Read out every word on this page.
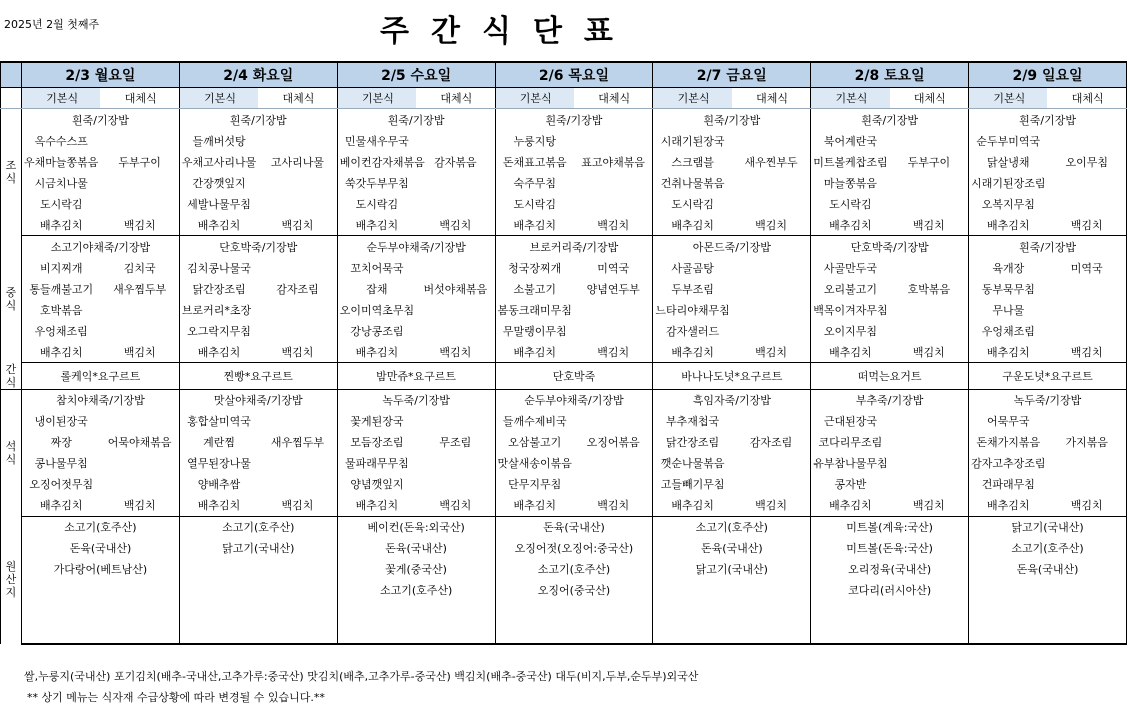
2025년 2월 첫째주	주간식단표
	2/3 월요일		2/4 화요일		2/5 수요일		2/6 목요일		2/7 금요일		2/8 토요일		2/9 일요일	
	기본식	대체식	기본식	대체식	기본식	대체식	기본식	대체식	기본식	대체식	기본식	대체식	기본식	대체식
조식	흰죽/기장밥		흰죽/기장밥		흰죽/기장밥		흰죽/기장밥		흰죽/기장밥		흰죽/기장밥		흰죽/기장밥	
	옥수수스프		들깨버섯탕		민물새우무국		누룽지탕		시래기된장국		북어계란국		순두부미역국	
	우채마늘쫑볶음	두부구이	우채고사리나물	고사리나물	베이컨감자채볶음	감자볶음	돈채표고볶음	표고야채볶음	스크램블	새우찐부두	미트볼케찹조림	두부구이	닭살냉채	오이무침
	시금치나물		간장깻잎지		쑥갓두부무침		숙주무침		건취나물볶음		마늘쫑볶음		시래기된장조림	
	도시락김		세발나물무침		도시락김		도시락김		도시락김		도시락김		오복지무침	
	배추김치	백김치	배추김치	백김치	배추김치	백김치	배추김치	백김치	배추김치	백김치	배추김치	백김치	배추김치	백김치
중식	소고기야채죽/기장밥		단호박죽/기장밥		순두부야채죽/기장밥		브로커리죽/기장밥		아몬드죽/기장밥		단호박죽/기장밥		흰죽/기장밥	
	비지찌개	김치국	김치콩나물국		꼬치어묵국		청국장찌개	미역국	사골곰탕		사골만두국		육개장	미역국
	통들깨불고기	새우찜두부	닭간장조림	감자조림	잡채	버섯야채볶음	소불고기	양념연두부	두부조림		오리불고기	호박볶음	동부묵무침	
	호박볶음		브로커리*초장		오이미역초무침		봄동크래미무침		느타리야채무침		백목이겨자무침		무나물	
	우엉채조림		오그락지무침		강낭콩조림		무말랭이무침		감자샐러드		오이지무침		우엉채조림	
	배추김치	백김치	배추김치	백김치	배추김치	백김치	배추김치	백김치	배추김치	백김치	배추김치	백김치	배추김치	백김치
간식	롤케익*요구르트		찐빵*요구르트		밤만쥬*요구르트		단호박죽		바나나도넛*요구르트		떠먹는요거트		구운도넛*요구르트	
석식	참치야채죽/기장밥		맛살야채죽/기장밥		녹두죽/기장밥		순두부야채죽/기장밥		흑임자죽/기장밥		부추죽/기장밥		녹두죽/기장밥	
	냉이된장국		홍합살미역국		꽃게된장국		들깨수제비국		부추재첩국		근대된장국		어묵무국	
	짜장	어묵야채볶음	계란찜	새우찜두부	모듬장조림	무조림	오삼불고기	오징어볶음	닭간장조림	감자조림	코다리무조림		돈채가지볶음	가지볶음
	콩나물무침		열무된장나물		물파래무무침		맛살새송이볶음		깻순나물볶음		유부참나물무침		감자고추장조림	
	오징어젓무침		양배추쌈		양념깻잎지		단무지무침		고들빼기무침		콩자반		건파래무침	
	배추김치	백김치	배추김치	백김치	배추김치	백김치	배추김치	백김치	배추김치	백김치	배추김치	백김치	배추김치	백김치
원산지	소고기(호주산)		소고기(호주산)		베이컨(돈육:외국산)		돈육(국내산)		소고기(호주산)		미트볼(계육:국산)		닭고기(국내산)	
	돈육(국내산)		닭고기(국내산)		돈육(국내산)		오징어젓(오징어:중국산)		돈육(국내산)		미트볼(돈육:국산)		소고기(호주산)	
	가다랑어(베트남산)				꽃게(중국산)		소고기(호주산)		닭고기(국내산)		오리정육(국내산)		돈육(국내산)	
					소고기(호주산)		오징어(중국산)				코다리(러시아산)			

쌀,누룽지(국내산) 포기김치(배추-국내산,고추가루:중국산) 맛김치(배추,고추가루-중국산) 백김치(배추-중국산) 대두(비지,두부,순두부)외국산
** 상기 메뉴는 식자재 수급상황에 따라 변경될 수 있습니다.**
